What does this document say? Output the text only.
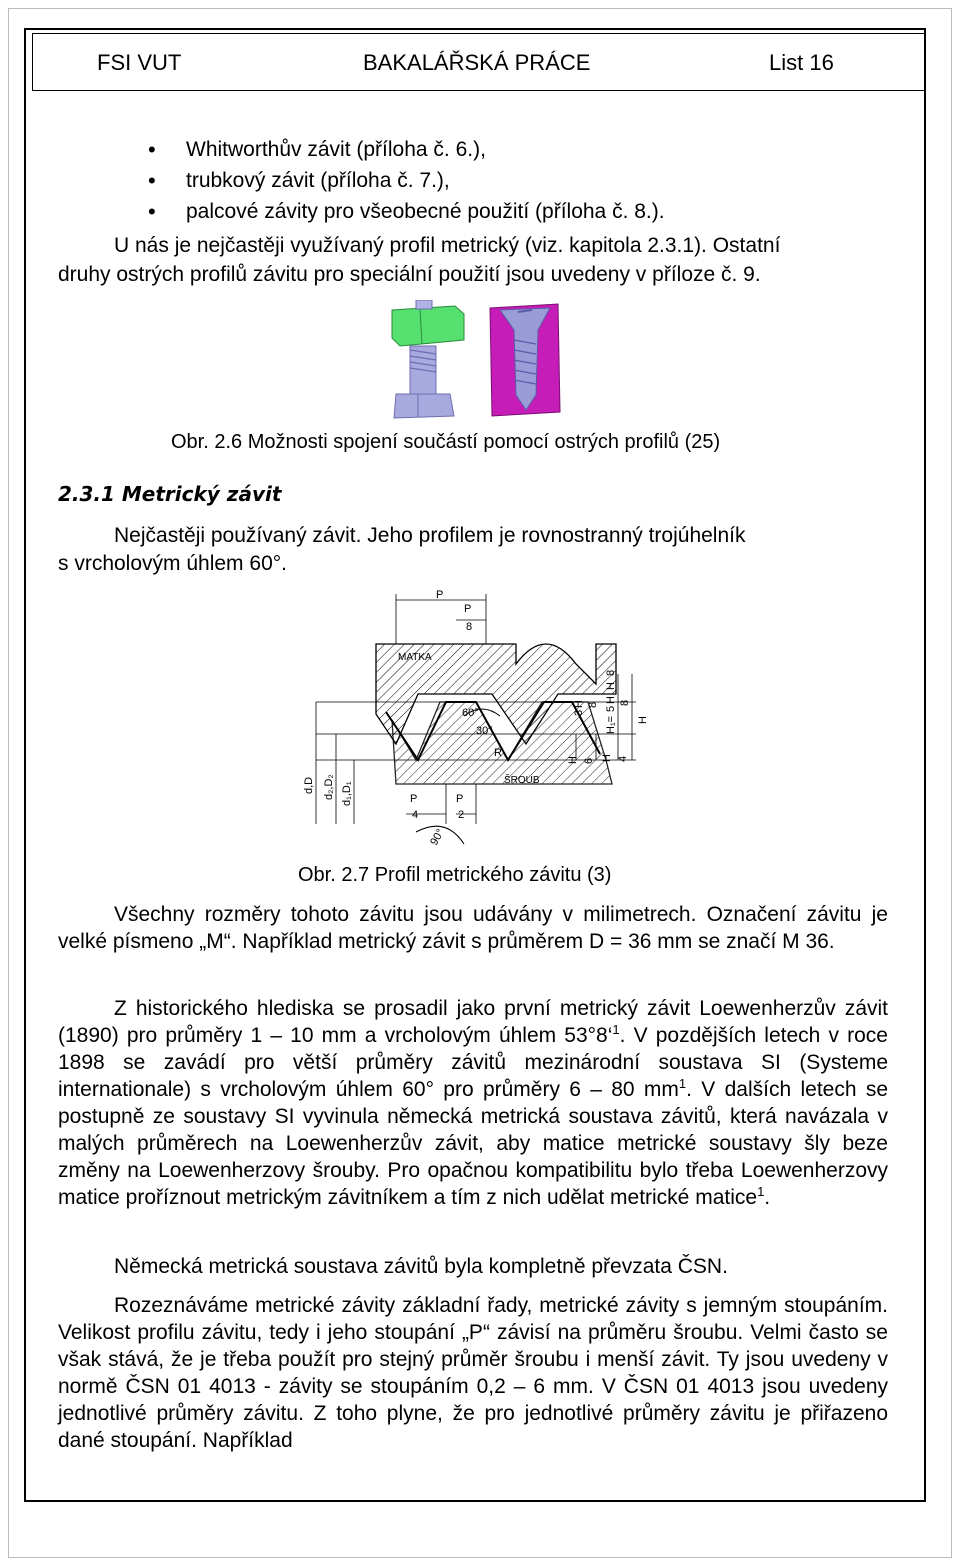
FSI VUT	BAKALÁŘSKÁ PRÁCE	List 16
• Whitworthův závit (příloha č. 6.),
• trubkový závit (příloha č. 7.),
• palcové závity pro všeobecné použití (příloha č. 8.).
U nás je nejčastěji využívaný profil metrický (viz. kapitola 2.3.1). Ostatní
druhy ostrých profilů závitu pro speciální použití jsou uvedeny v příloze č. 9.
Obr. 2.6 Možnosti spojení součástí pomocí ostrých profilů (25)
2.3.1 Metrický závit
Nejčastěji používaný závit. Jeho profilem je rovnostranný trojúhelník
s vrcholovým úhlem 60°.
P
P
8
MATKA
60°
30°
R
ŠROUB
P
4
P
2
90°
d,D d₂,D₂ d₁,D₁
H
8
3
H 8
H₁=
5
H 8
H
H 6 H 4
Obr. 2.7 Profil metrického závitu (3)
Všechny rozměry tohoto závitu jsou udávány v milimetrech. Označení závitu je velké písmeno „M“. Například metrický závit s průměrem D = 36 mm se značí M 36.
Z historického hlediska se prosadil jako první metrický závit Loewenherzův závit (1890) pro průměry 1 – 10 mm a vrcholovým úhlem 53°8‘$^1$. V pozdějších letech v roce 1898 se zavádí pro větší průměry závitů mezinárodní soustava SI (Systeme internationale) s vrcholovým úhlem 60° pro průměry 6 – 80 $mm^1$. V dalších letech se postupně ze soustavy SI vyvinula německá metrická soustava závitů, která navázala v malých průměrech na Loewenherzův závit, aby matice metrické soustavy šly beze změny na Loewenherzovy šrouby. Pro opačnou kompatibilitu bylo třeba Loewenherzovy matice proříznout metrickým závitníkem a tím z nich udělat metrické matice$^1$.
Německá metrická soustava závitů byla kompletně převzata ČSN.
Rozeznáváme metrické závity základní řady, metrické závity s jemným stoupáním. Velikost profilu závitu, tedy i jeho stoupání „P“ závisí na průměru šroubu. Velmi často se však stává, že je třeba použít pro stejný průměr šroubu i menší závit. Ty jsou uvedeny v normě ČSN 01 4013 - závity se stoupáním 0,2 – 6 mm. V ČSN 01 4013 jsou uvedeny jednotlivé průměry závitu. Z toho plyne, že pro jednotlivé průměry závitu je přiřazeno dané stoupání. Například
